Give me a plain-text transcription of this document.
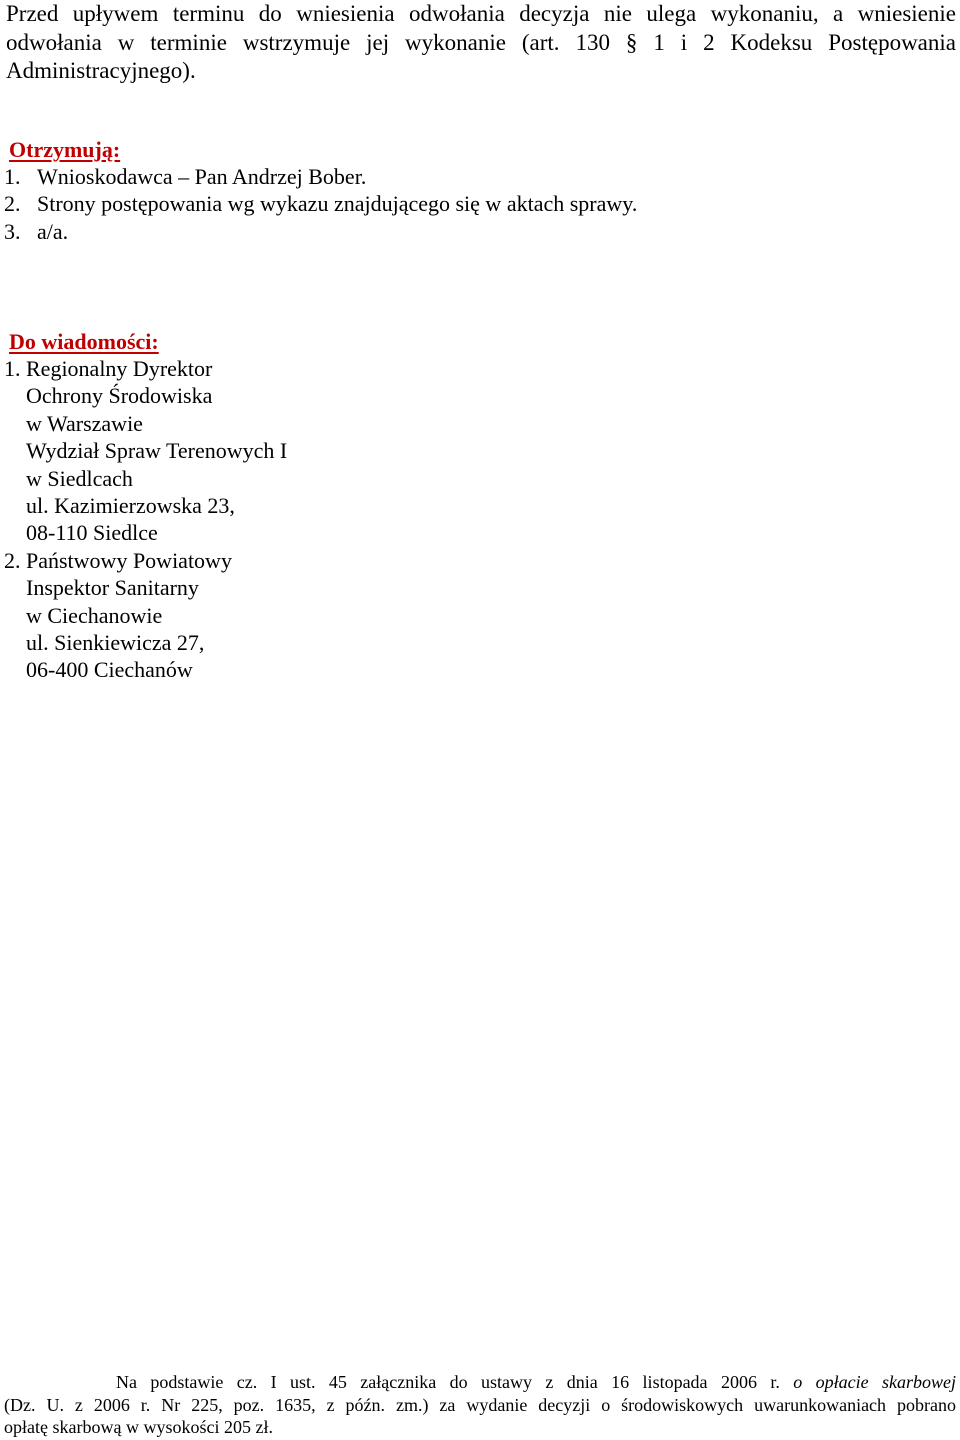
Przed upływem terminu do wniesienia odwołania decyzja nie ulega wykonaniu, a wniesienie
odwołania w terminie wstrzymuje jej wykonanie (art. 130 § 1 i 2 Kodeksu Postępowania
Administracyjnego).
Otrzymują:
1. Wnioskodawca – Pan Andrzej Bober.
2. Strony postępowania wg wykazu znajdującego się w aktach sprawy.
3. a/a.
Do wiadomości:
1. Regionalny Dyrektor
Ochrony Środowiska
w Warszawie
Wydział Spraw Terenowych I
w Siedlcach
ul. Kazimierzowska 23,
08-110 Siedlce
2. Państwowy Powiatowy
Inspektor Sanitarny
w Ciechanowie
ul. Sienkiewicza 27,
06-400 Ciechanów
Na podstawie cz. I ust. 45 załącznika do ustawy z dnia 16 listopada 2006 r. o opłacie skarbowej
(Dz. U. z 2006 r. Nr 225, poz. 1635, z późn. zm.) za wydanie decyzji o środowiskowych uwarunkowaniach pobrano
opłatę skarbową w wysokości 205 zł.
